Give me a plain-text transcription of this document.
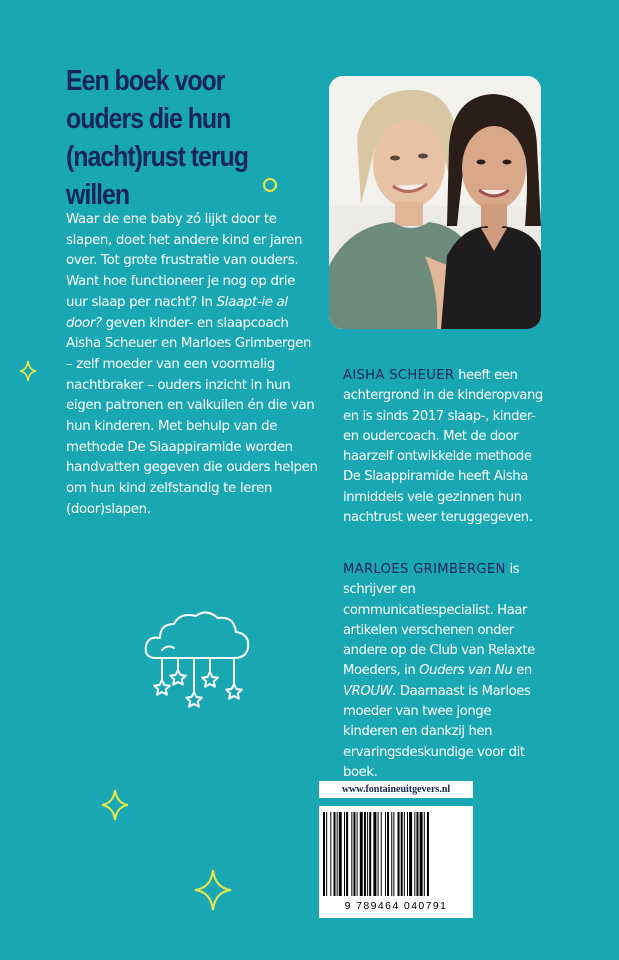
Een boek voor ouders die hun (nacht)rust terug willen

Waar de ene baby zó lijkt door te slapen, doet het andere kind er jaren over. Tot grote frustratie van ouders. Want hoe functioneer je nog op drie uur slaap per nacht? In Slaapt-ie al door? geven kinder- en slaapcoach Aisha Scheuer en Marloes Grimbergen – zelf moeder van een voormalig nachtbraker – ouders inzicht in hun eigen patronen en valkuilen én die van hun kinderen. Met behulp van de methode De Slaappiramide worden handvatten gegeven die ouders helpen om hun kind zelfstandig te leren (door)slapen.

AISHA SCHEUER heeft een achtergrond in de kinderopvang en is sinds 2017 slaap-, kinder- en oudercoach. Met de door haarzelf ontwikkelde methode De Slaappiramide heeft Aisha inmiddels vele gezinnen hun nachtrust weer teruggegeven.

MARLOES GRIMBERGEN is schrijver en communicatiespecialist. Haar artikelen verschenen onder andere op de Club van Relaxte Moeders, in Ouders van Nu en VROUW. Daarnaast is Marloes moeder van twee jonge kinderen en dankzij hen ervaringsdeskundige voor dit boek.

www.fontaineuitgevers.nl
9 789464 040791
